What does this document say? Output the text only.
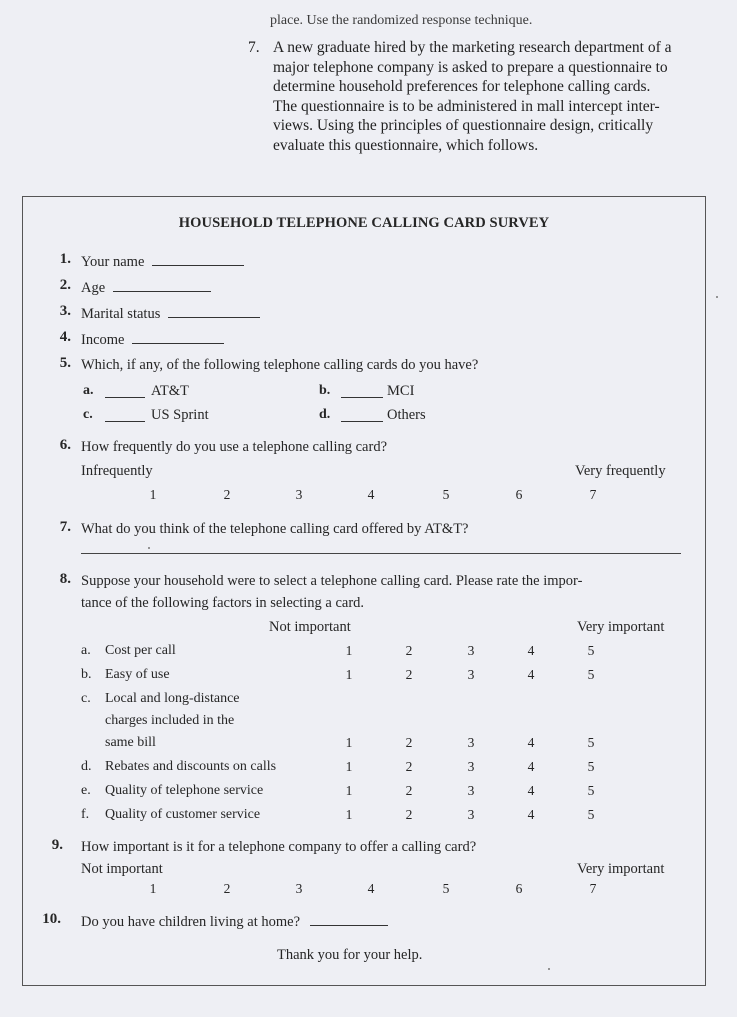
place. Use the randomized response technique.
7. A new graduate hired by the marketing research department of a
major telephone company is asked to prepare a questionnaire to
determine household preferences for telephone calling cards.
The questionnaire is to be administered in mall intercept inter-
views. Using the principles of questionnaire design, critically
evaluate this questionnaire, which follows.
HOUSEHOLD TELEPHONE CALLING CARD SURVEY
1. Your name
2. Age
3. Marital status
4. Income
5. Which, if any, of the following telephone calling cards do you have?
a.	AT&T	b.	MCI
c.	US Sprint	d.	Others
6. How frequently do you use a telephone calling card?
Infrequently	Very frequently
1	2	3	4	5	6	7
7. What do you think of the telephone calling card offered by AT&T?
8. Suppose your household were to select a telephone calling card. Please rate the impor-
tance of the following factors in selecting a card.
Not important	Very important
a. Cost per call	1	2	3	4	5
b. Easy of use	1	2	3	4	5
c. Local and long-distance
charges included in the
same bill	1	2	3	4	5
d. Rebates and discounts on calls	1	2	3	4	5
e. Quality of telephone service	1	2	3	4	5
f. Quality of customer service	1	2	3	4	5
9. How important is it for a telephone company to offer a calling card?
Not important	Very important
1	2	3	4	5	6	7
10. Do you have children living at home?
Thank you for your help.
